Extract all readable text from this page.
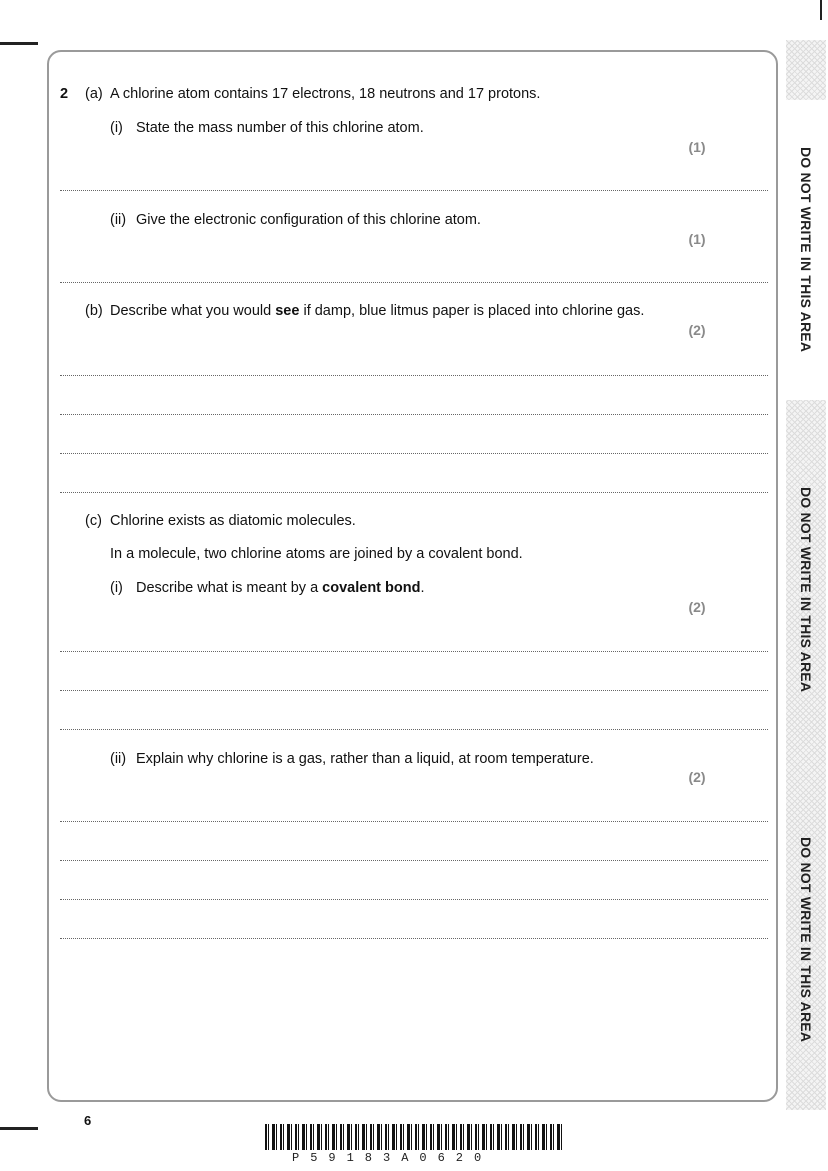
2 (a) A chlorine atom contains 17 electrons, 18 neutrons and 17 protons.
(i) State the mass number of this chlorine atom.
(1)
(ii) Give the electronic configuration of this chlorine atom.
(1)
(b) Describe what you would see if damp, blue litmus paper is placed into chlorine gas.
(2)
(c) Chlorine exists as diatomic molecules.
In a molecule, two chlorine atoms are joined by a covalent bond.
(i) Describe what is meant by a covalent bond.
(2)
(ii) Explain why chlorine is a gas, rather than a liquid, at room temperature.
(2)
DO NOT WRITE IN THIS AREA
DO NOT WRITE IN THIS AREA
DO NOT WRITE IN THIS AREA
6
P59183A0620
